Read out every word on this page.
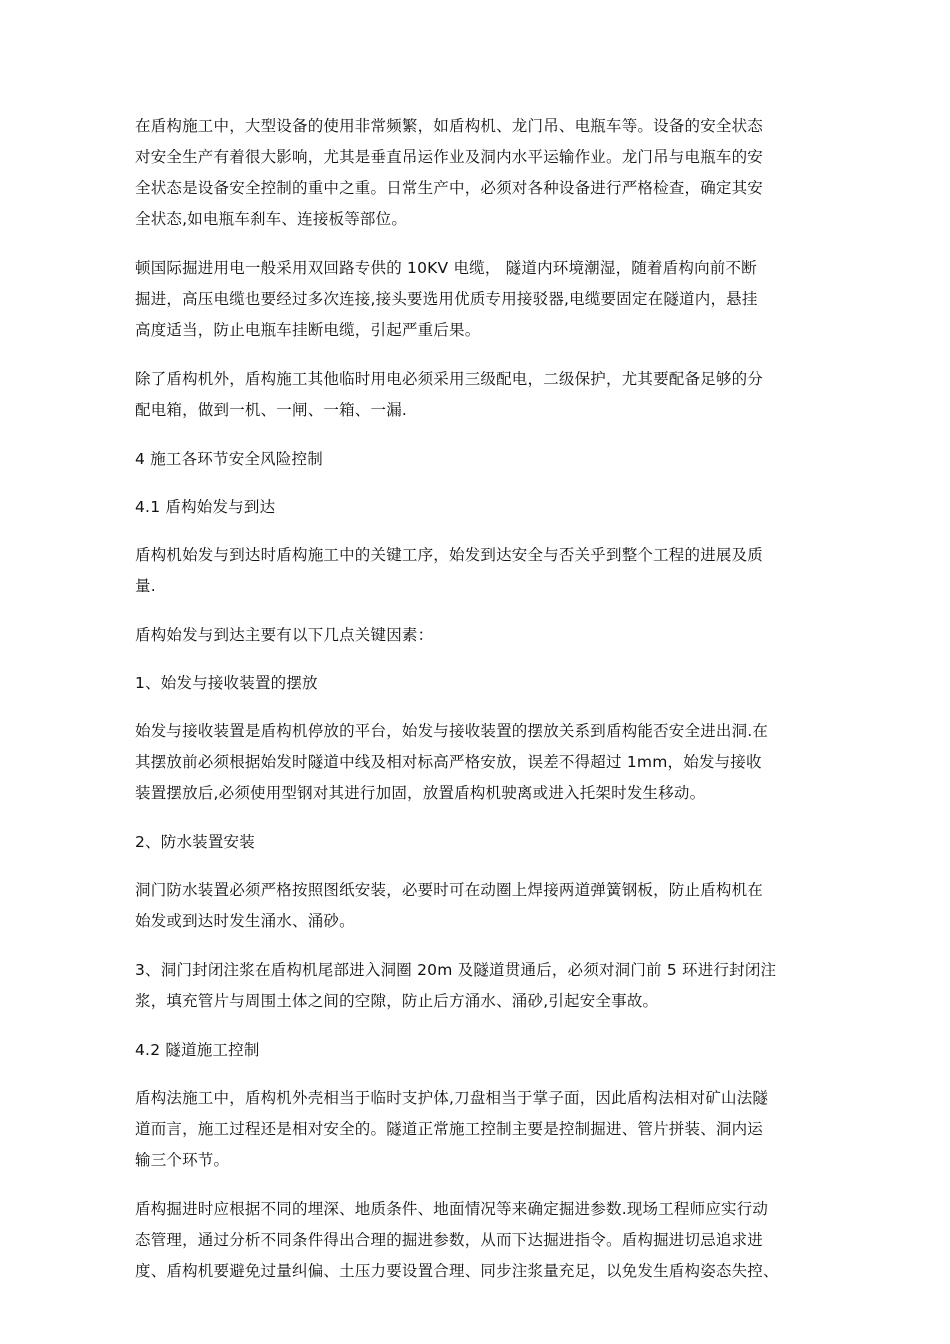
在盾构施工中，大型设备的使用非常频繁，如盾构机、龙门吊、电瓶车等。设备的安全状态
对安全生产有着很大影响，尤其是垂直吊运作业及洞内水平运输作业。龙门吊与电瓶车的安
全状态是设备安全控制的重中之重。日常生产中，必须对各种设备进行严格检查，确定其安
全状态,如电瓶车刹车、连接板等部位。
顿国际掘进用电一般采用双回路专供的 10KV 电缆， 隧道内环境潮湿，随着盾构向前不断
掘进，高压电缆也要经过多次连接,接头要选用优质专用接驳器,电缆要固定在隧道内，悬挂
高度适当，防止电瓶车挂断电缆，引起严重后果。
除了盾构机外，盾构施工其他临时用电必须采用三级配电，二级保护，尤其要配备足够的分
配电箱，做到一机、一闸、一箱、一漏.
4 施工各环节安全风险控制
4.1 盾构始发与到达
盾构机始发与到达时盾构施工中的关键工序，始发到达安全与否关乎到整个工程的进展及质
量.
盾构始发与到达主要有以下几点关键因素：
1、始发与接收装置的摆放
始发与接收装置是盾构机停放的平台，始发与接收装置的摆放关系到盾构能否安全进出洞.在
其摆放前必须根据始发时隧道中线及相对标高严格安放，误差不得超过 1mm，始发与接收
装置摆放后,必须使用型钢对其进行加固，放置盾构机驶离或进入托架时发生移动。
2、防水装置安装
洞门防水装置必须严格按照图纸安装，必要时可在动圈上焊接两道弹簧钢板，防止盾构机在
始发或到达时发生涌水、涌砂。
3、洞门封闭注浆在盾构机尾部进入洞圈 20m 及隧道贯通后，必须对洞门前 5 环进行封闭注
浆，填充管片与周围土体之间的空隙，防止后方涌水、涌砂,引起安全事故。
4.2 隧道施工控制
盾构法施工中，盾构机外壳相当于临时支护体,刀盘相当于掌子面，因此盾构法相对矿山法隧
道而言，施工过程还是相对安全的。隧道正常施工控制主要是控制掘进、管片拼装、洞内运
输三个环节。
盾构掘进时应根据不同的埋深、地质条件、地面情况等来确定掘进参数.现场工程师应实行动
态管理，通过分析不同条件得出合理的掘进参数，从而下达掘进指令。盾构掘进切忌追求进
度、盾构机要避免过量纠偏、土压力要设置合理、同步注浆量充足，以免发生盾构姿态失控、
